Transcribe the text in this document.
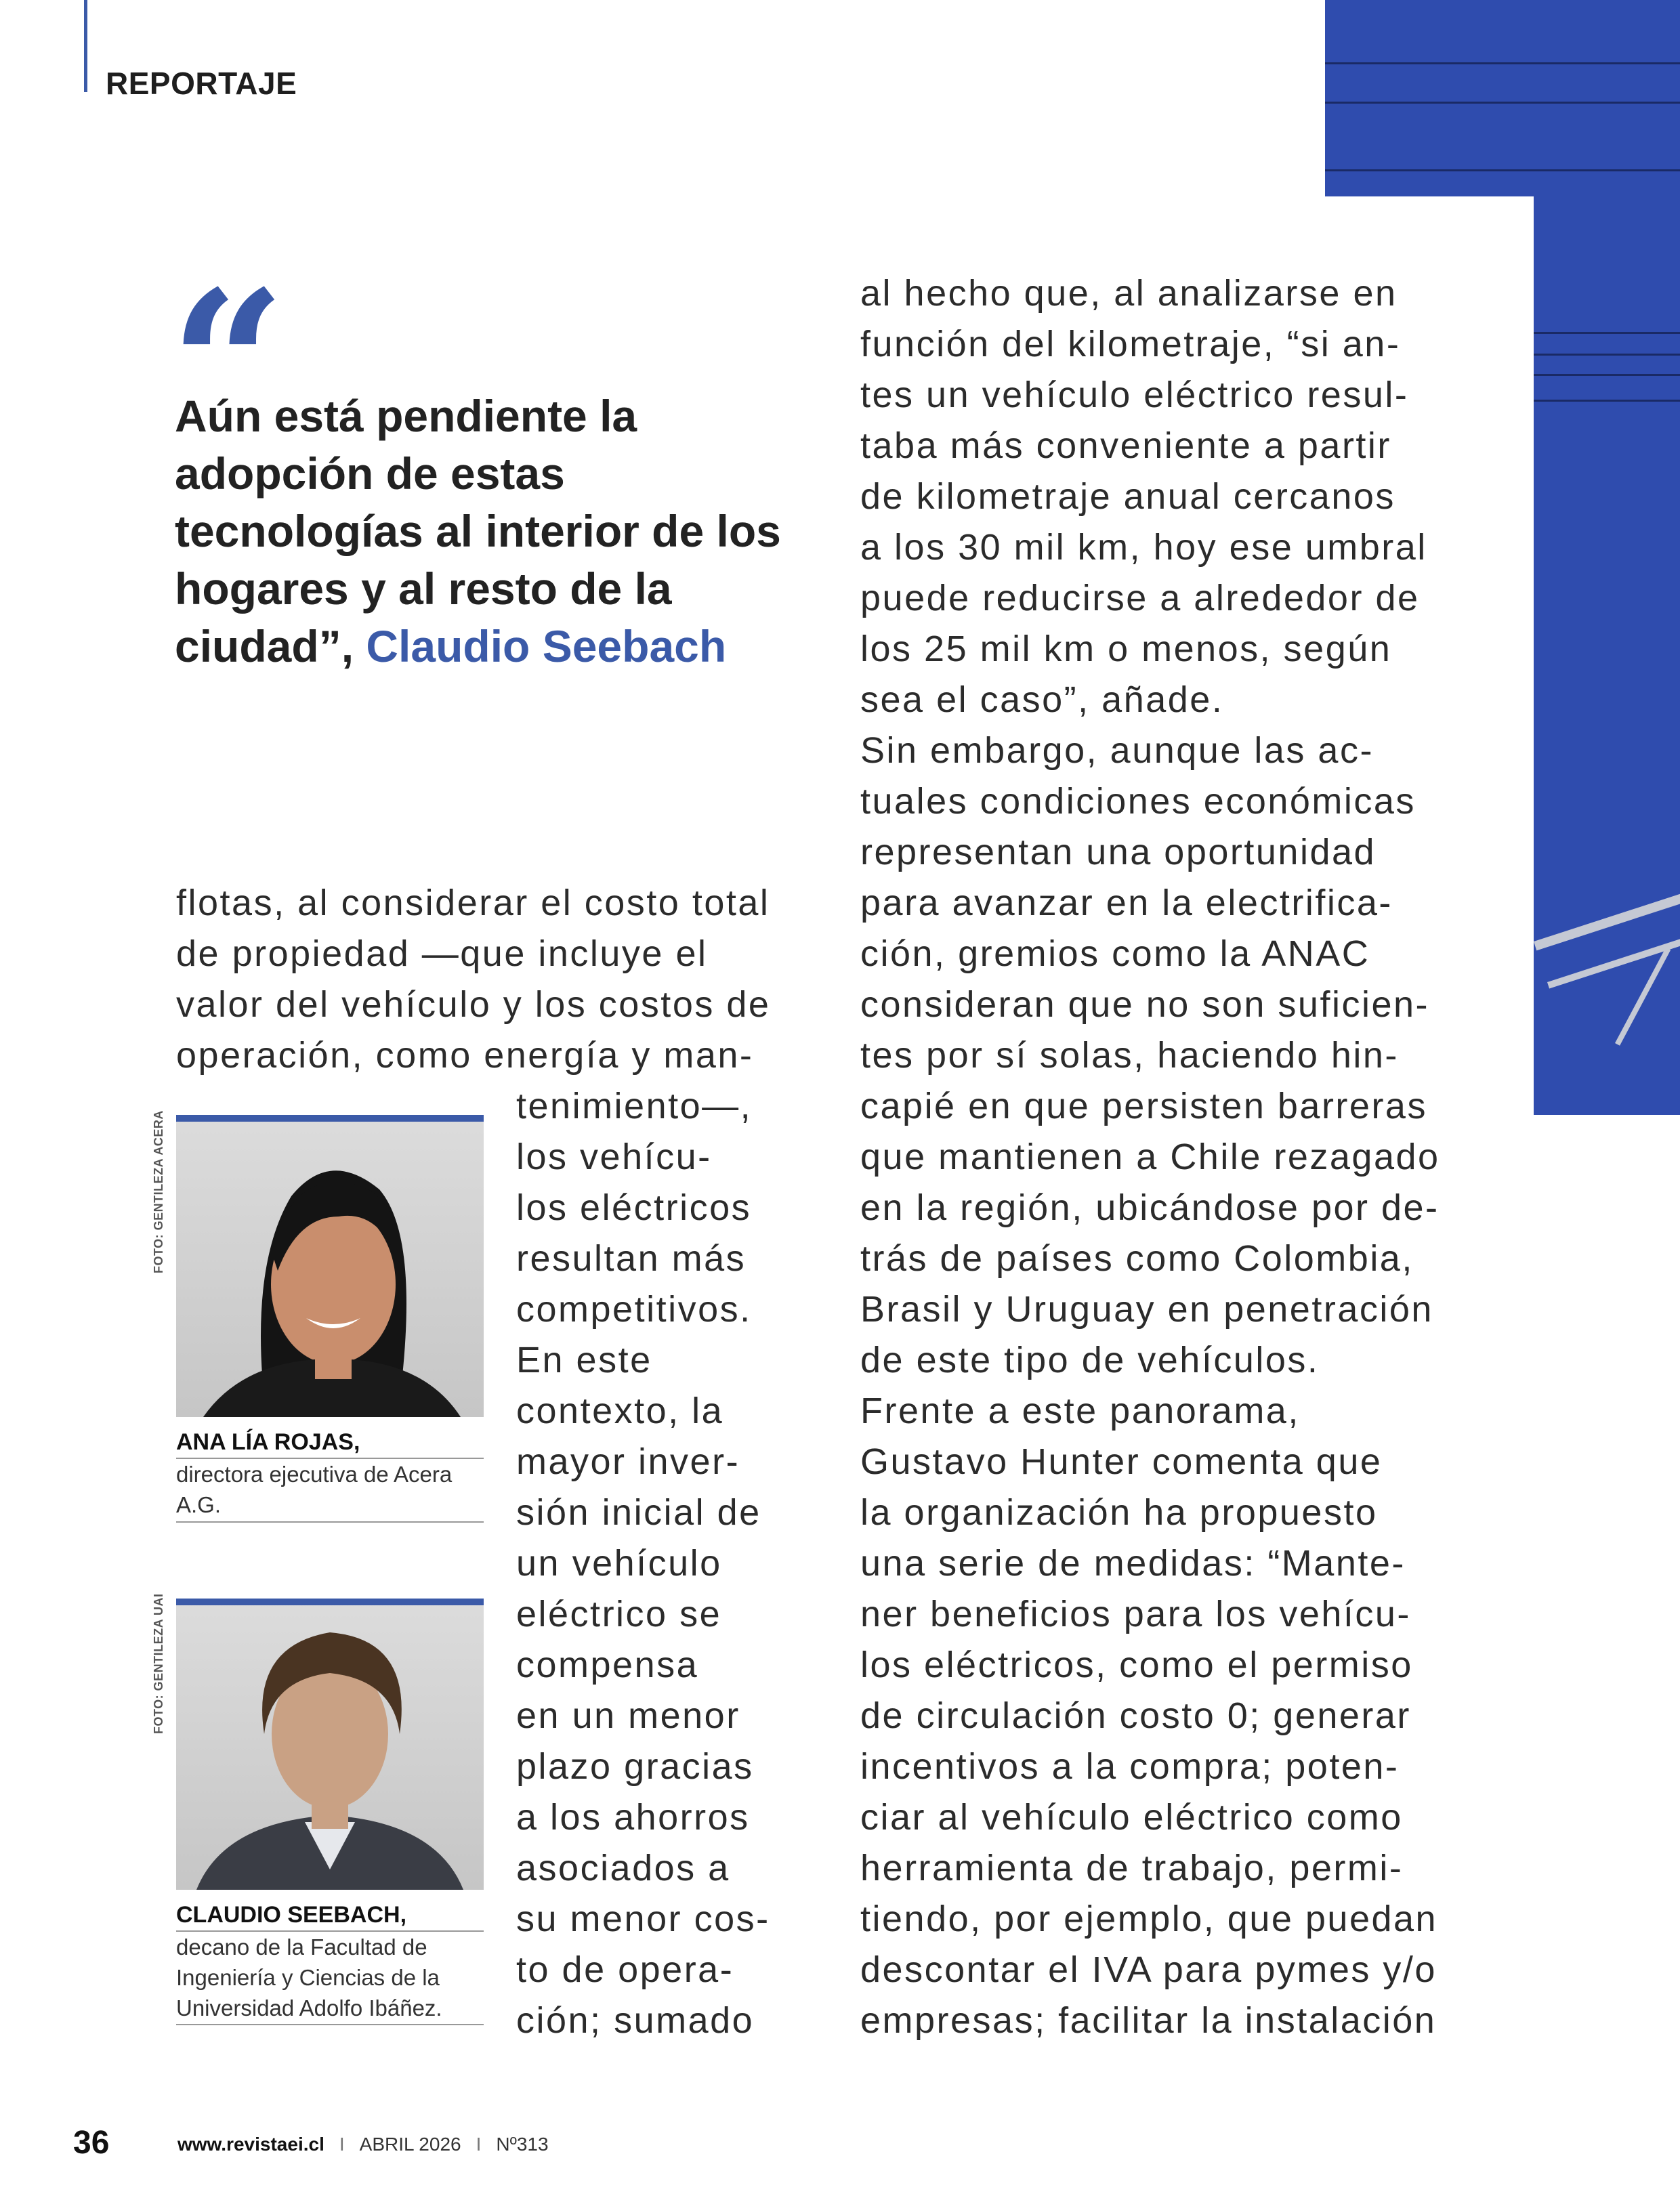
REPORTAJE
“
Aún está pendiente la adopción de estas tecnologías al interior de los hogares y al resto de la ciudad”, Claudio Seebach
flotas, al considerar el costo total
de propiedad —que incluye el
valor del vehículo y los costos de
operación, como energía y man-
tenimiento—,
los vehícu-
los eléctricos
resultan más
competitivos.
En este
contexto, la
mayor inver-
sión inicial de
un vehículo
eléctrico se
compensa
en un menor
plazo gracias
a los ahorros
asociados a
su menor cos-
to de opera-
ción; sumado
al hecho que, al analizarse en
función del kilometraje, “si an-
tes un vehículo eléctrico resul-
taba más conveniente a partir
de kilometraje anual cercanos
a los 30 mil km, hoy ese umbral
puede reducirse a alrededor de
los 25 mil km o menos, según
sea el caso”, añade.
Sin embargo, aunque las ac-
tuales condiciones económicas
representan una oportunidad
para avanzar en la electrifica-
ción, gremios como la ANAC
consideran que no son suficien-
tes por sí solas, haciendo hin-
capié en que persisten barreras
que mantienen a Chile rezagado
en la región, ubicándose por de-
trás de países como Colombia,
Brasil y Uruguay en penetración
de este tipo de vehículos.
Frente a este panorama,
Gustavo Hunter comenta que
la organización ha propuesto
una serie de medidas: “Mante-
ner beneficios para los vehícu-
los eléctricos, como el permiso
de circulación costo 0; generar
incentivos a la compra; poten-
ciar al vehículo eléctrico como
herramienta de trabajo, permi-
tiendo, por ejemplo, que puedan
descontar el IVA para pymes y/o
empresas; facilitar la instalación
FOTO: GENTILEZA ACERA
ANA LÍA ROJAS,
directora ejecutiva de Acera
A.G.
FOTO: GENTILEZA UAI
CLAUDIO SEEBACH,
decano de la Facultad de
Ingeniería y Ciencias de la
Universidad Adolfo Ibáñez.
36	www.revistaei.cl I ABRIL 2026 I Nº313
